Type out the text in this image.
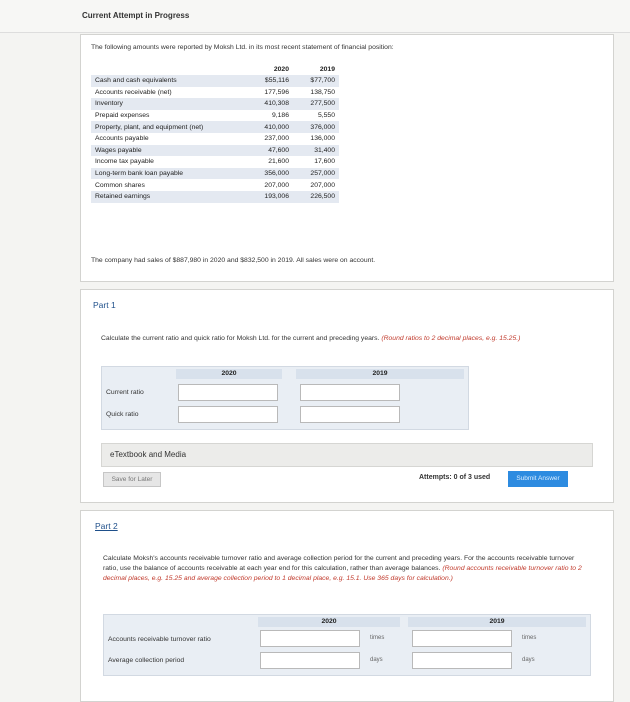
Current Attempt in Progress
The following amounts were reported by Moksh Ltd. in its most recent statement of financial position:
	2020	2019
Cash and cash equivalents	$55,116	$77,700
Accounts receivable (net)	177,596	138,750
Inventory	410,308	277,500
Prepaid expenses	9,186	5,550
Property, plant, and equipment (net)	410,000	376,000
Accounts payable	237,000	136,000
Wages payable	47,600	31,400
Income tax payable	21,600	17,600
Long-term bank loan payable	356,000	257,000
Common shares	207,000	207,000
Retained earnings	193,006	226,500
The company had sales of $887,980 in 2020 and $832,500 in 2019. All sales were on account.
Part 1
Calculate the current ratio and quick ratio for Moksh Ltd. for the current and preceding years. (Round ratios to 2 decimal places, e.g. 15.25.)
2020	2019
Current ratio
Quick ratio
eTextbook and Media
Save for Later	Attempts: 0 of 3 used	Submit Answer
Part 2
Calculate Moksh's accounts receivable turnover ratio and average collection period for the current and preceding years. For the accounts receivable turnover ratio, use the balance of accounts receivable at each year end for this calculation, rather than average balances. (Round accounts receivable turnover ratio to 2 decimal places, e.g. 15.25 and average collection period to 1 decimal place, e.g. 15.1. Use 365 days for calculation.)
2020	2019
Accounts receivable turnover ratio	times	times
Average collection period	days	days
